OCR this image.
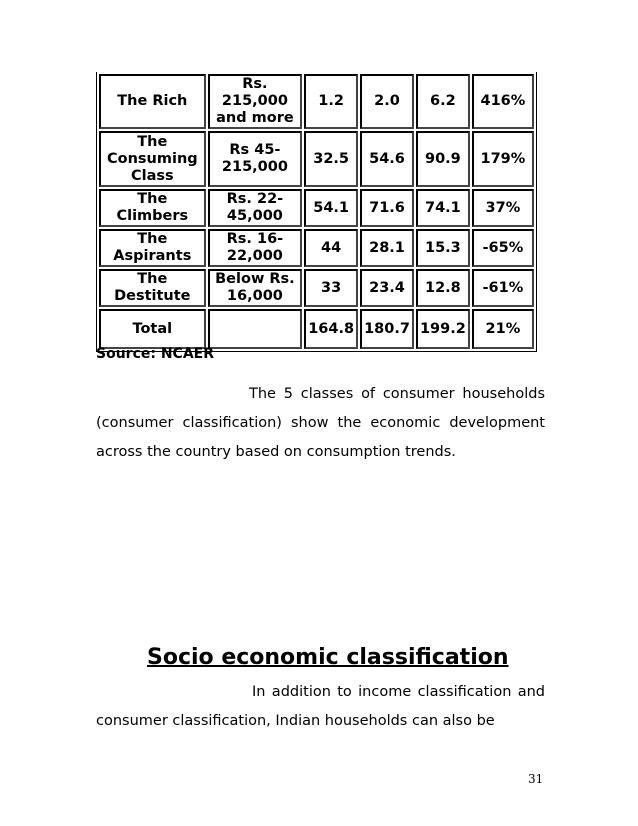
The Rich	Rs. 215,000 and more	1.2	2.0	6.2	416%
The Consuming Class	Rs 45-215,000	32.5	54.6	90.9	179%
The Climbers	Rs. 22-45,000	54.1	71.6	74.1	37%
The Aspirants	Rs. 16-22,000	44	28.1	15.3	-65%
The Destitute	Below Rs. 16,000	33	23.4	12.8	-61%
Total		164.8	180.7	199.2	21%
Source: NCAER

The 5 classes of consumer households (consumer classification) show the economic development across the country based on consumption trends.

Socio economic classification

In addition to income classification and consumer classification, Indian households can also be

31
